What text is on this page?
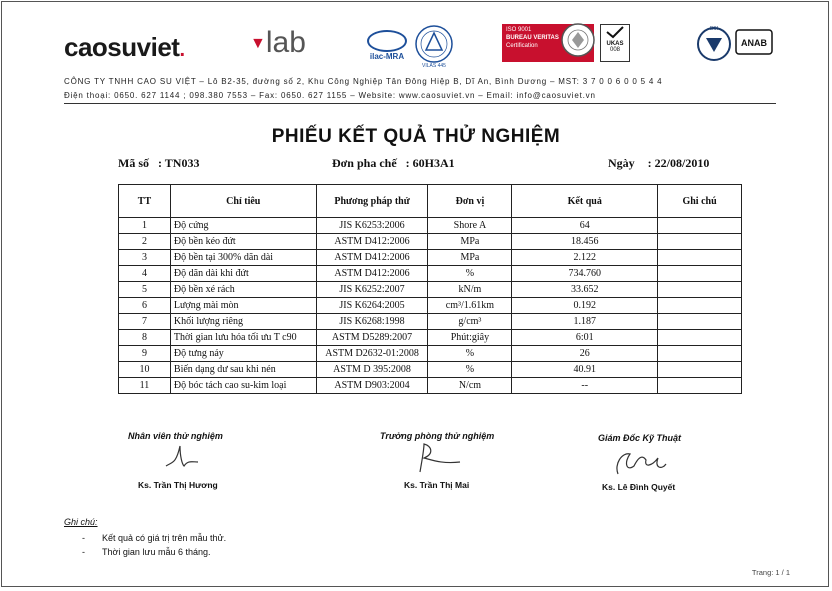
caosuviet.	▼lab	ilac-MRA
VILAS 445
ISO 9001
BUREAU VERITAS
Certification	UKAS
008
BSI
ANAB
CÔNG TY TNHH CAO SU VIỆT – Lô B2-35, đường số 2, Khu Công Nghiệp Tân Đông Hiệp B, Dĩ An, Bình Dương – MST: 3 7 0 0 6 0 0 5 4 4
Điện thoại: 0650. 627 1144 ; 098.380 7553 – Fax: 0650. 627 1155 – Website: www.caosuviet.vn – Email: info@caosuviet.vn
PHIẾU KẾT QUẢ THỬ NGHIỆM
Mã số : TN033	Đơn pha chế : 60H3A1	Ngày : 22/08/2010
TT	Chỉ tiêu	Phương pháp thử	Đơn vị	Kết quả	Ghi chú
1	Độ cứng	JIS K6253:2006	Shore A	64	
2	Độ bền kéo đứt	ASTM D412:2006	MPa	18.456	
3	Độ bền tại 300% dãn dài	ASTM D412:2006	MPa	2.122	
4	Độ dãn dài khi đứt	ASTM D412:2006	%	734.760	
5	Độ bền xé rách	JIS K6252:2007	kN/m	33.652	
6	Lượng mài mòn	JIS K6264:2005	cm³/1.61km	0.192	
7	Khối lượng riêng	JIS K6268:1998	g/cm³	1.187	
8	Thời gian lưu hóa tối ưu T c90	ASTM D5289:2007	Phút:giây	6:01	
9	Độ tưng nảy	ASTM D2632-01:2008	%	26	
10	Biến dạng dư sau khi nén	ASTM D 395:2008	%	40.91	
11	Độ bóc tách cao su-kim loại	ASTM D903:2004	N/cm	--	
Nhân viên thử nghiệm
Ks. Trần Thị Hương
Trưởng phòng thử nghiệm
Ks. Trần Thị Mai
Giám Đốc Kỹ Thuật
Ks. Lê Đình Quyết
Ghi chú:
- Kết quả có giá trị trên mẫu thử.
- Thời gian lưu mẫu 6 tháng.
Trang: 1 / 1
